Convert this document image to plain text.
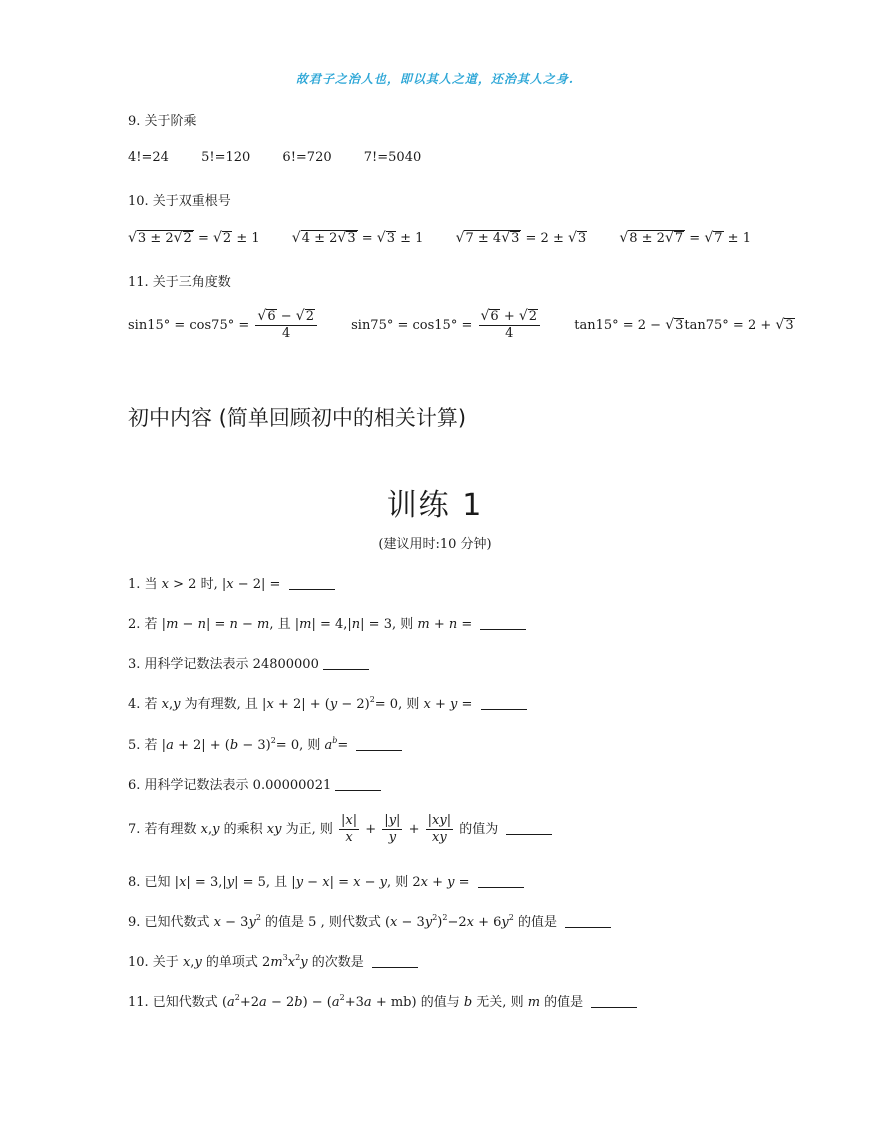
故君子之治人也，即以其人之道，还治其人之身.
9. 关于阶乘
4!=24 5!=120 6!=720 7!=5040
10. 关于双重根号
√3 ± 2√2 = √2 ± 1 √4 ± 2√3 = √3 ± 1 √7 ± 4√3 = 2 ± √3 √8 ± 2√7 = √7 ± 1
11. 关于三角度数
$\sin 15^\circ = \cos 75^\circ = \frac{√6 - √2}{4}$	$\sin 75^\circ = \cos 15^\circ = \frac{√6 + √2}{4}$	tan15° = 2 − √3tan75° = 2 + √3
初中内容 (简单回顾初中的相关计算)
训练 1
(建议用时:10 分钟)
1. 当 x > 2 时, |x − 2| =
2. 若 |m − n| = n − m, 且 |m| = 4,|n| = 3, 则 m + n =
3. 用科学记数法表示 24800000
4. 若 x,y 为有理数, 且 $|x + 2| + (y - 2)^2= 0$, 则 x + y =
5. 若 $|a + 2| + (b - 3)^2= 0$, 则 $a^b=$
6. 用科学记数法表示 0.00000021
7. 若有理数 x,y 的乘积 xy 为正, 则 $\frac{|x|}{x} + \frac{|y|}{y} + \frac{|xy|}{xy}$ 的值为
8. 已知 |x| = 3,|y| = 5, 且 |y − x| = x − y, 则 2x + y =
9. 已知代数式 $x - 3y^2$ 的值是 5 , 则代数式 $(x - 3y^2)^2-2x + 6y^2$ 的值是
10. 关于 x,y 的单项式 $2m^3x^2y$ 的次数是
11. 已知代数式 $(a^2+2a - 2b) - (a^2+3a + mb)$ 的值与 b 无关, 则 m 的值是
